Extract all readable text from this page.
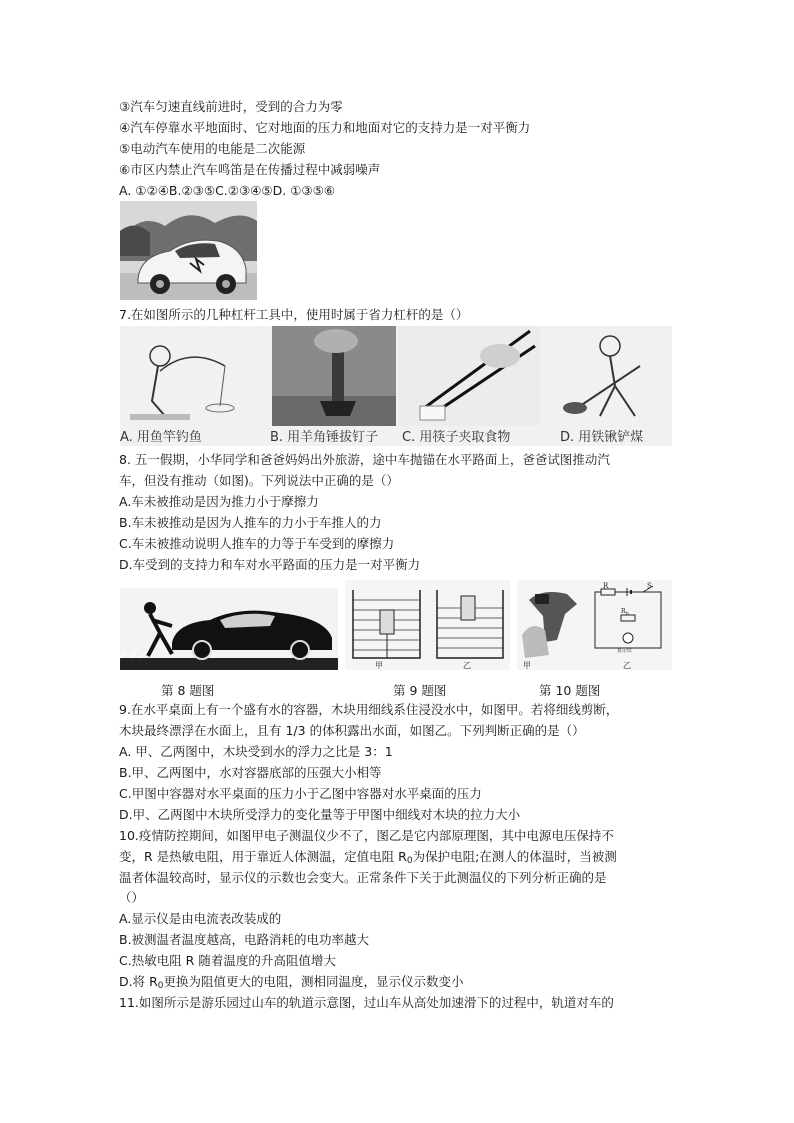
③汽车匀速直线前进时，受到的合力为零
④汽车停靠水平地面时、它对地面的压力和地面对它的支持力是一对平衡力
⑤电动汽车使用的电能是二次能源
⑥市区内禁止汽车鸣笛是在传播过程中减弱噪声
A. ①②④B.②③⑤C.②③④⑤D. ①③⑤⑥
7.在如图所示的几种杠杆工具中，使用时属于省力杠杆的是（）
A. 用鱼竿钓鱼	B. 用羊角锤拔钉子 C. 用筷子夹取食物	D. 用铁锹铲煤
8. 五一假期，小华同学和爸爸妈妈出外旅游，途中车抛锚在水平路面上，爸爸试图推动汽
车，但没有推动（如图)。下列说法中正确的是（）
A.车未被推动是因为推力小于摩擦力
B.车未被推动是因为人推车的力小于车推人的力
C.车未被推动说明人推车的力等于车受到的摩擦力
D.车受到的支持力和车对水平路面的压力是一对平衡力
甲	乙
R	S
$R_0$
显示仪
甲	乙
第 8 题图	第 9 题图	第 10 题图
9.在水平桌面上有一个盛有水的容器，木块用细线系住浸没水中，如图甲。若将细线剪断，
木块最终漂浮在水面上，且有 1/3 的体积露出水面，如图乙。下列判断正确的是（）
A. 甲、乙两图中，木块受到水的浮力之比是 3：1
B.甲、乙两图中，水对容器底部的压强大小相等
C.甲图中容器对水平桌面的压力小于乙图中容器对水平桌面的压力
D.甲、乙两图中木块所受浮力的变化量等于甲图中细线对木块的拉力大小
10.疫情防控期间，如图甲电子测温仪少不了，图乙是它内部原理图，其中电源电压保持不
变，R 是热敏电阻，用于靠近人体测温，定值电阻 $R_0$为保护电阻;在测人的体温时，当被测
温者体温较高时，显示仪的示数也会变大。正常条件下关于此测温仪的下列分析正确的是
（）
A.显示仪是由电流表改装成的
B.被测温者温度越高，电路消耗的电功率越大
C.热敏电阻 R 随着温度的升高阻值增大
D.将 $R_0$更换为阻值更大的电阻，测相同温度，显示仪示数变小
11.如图所示是游乐园过山车的轨道示意图，过山车从高处加速滑下的过程中，轨道对车的
